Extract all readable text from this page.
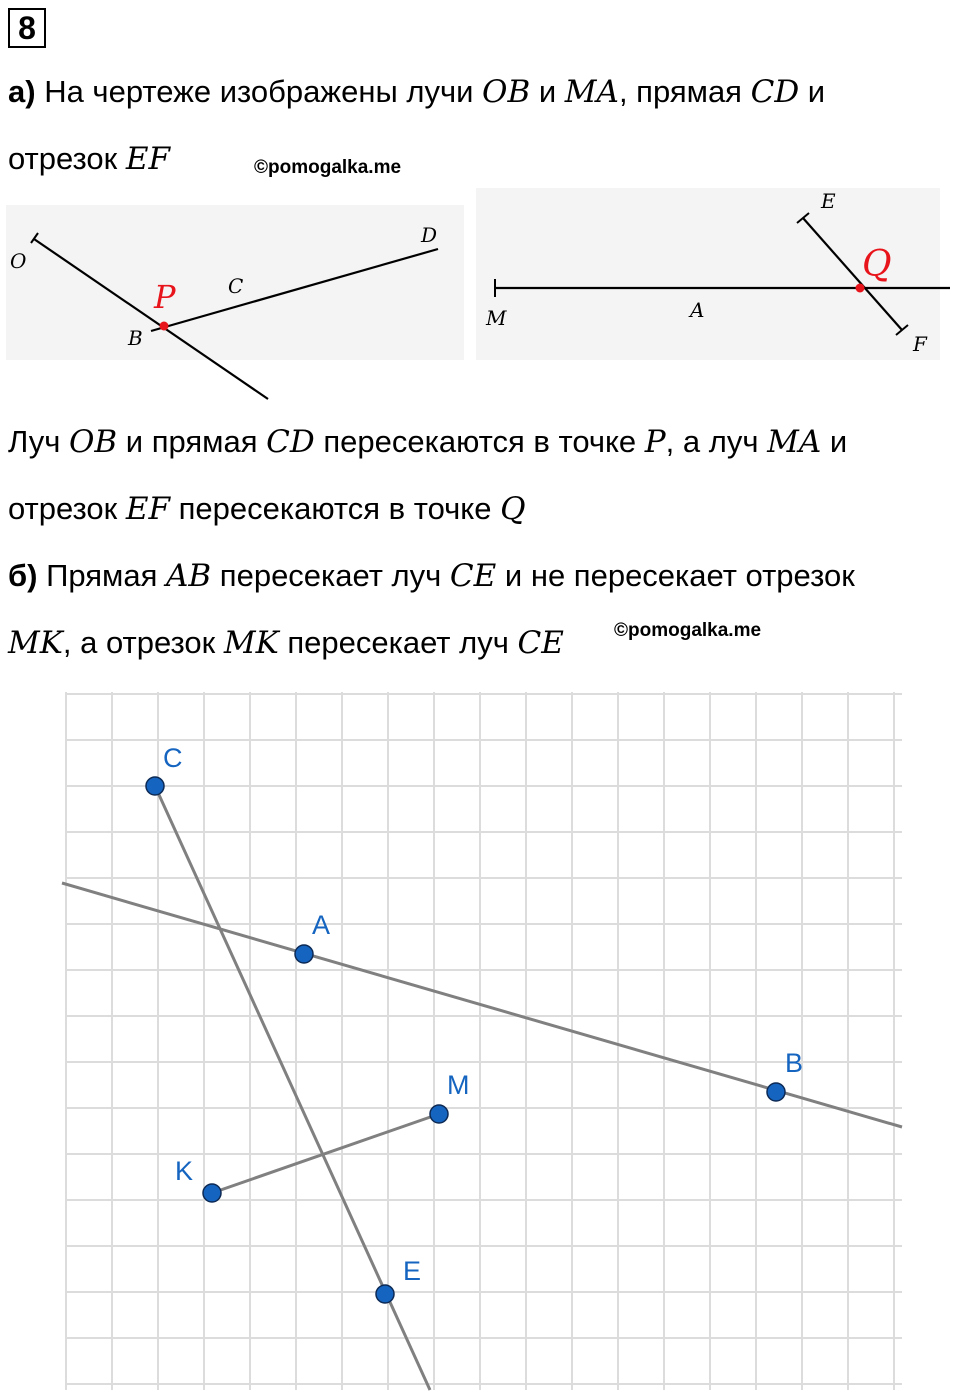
8
а) На чертеже изображены лучи OB и MA, прямая CD и
отрезок EF	©pomogalka.me
O
B
P	C
D
M	A
E
Q
F
Луч OB и прямая CD пересекаются в точке P, а луч MA и
отрезок EF пересекаются в точке Q
б) Прямая AB пересекает луч CE и не пересекает отрезок
MK, а отрезок MK пересекает луч CE	©pomogalka.me
C
A
B
M
K
E
